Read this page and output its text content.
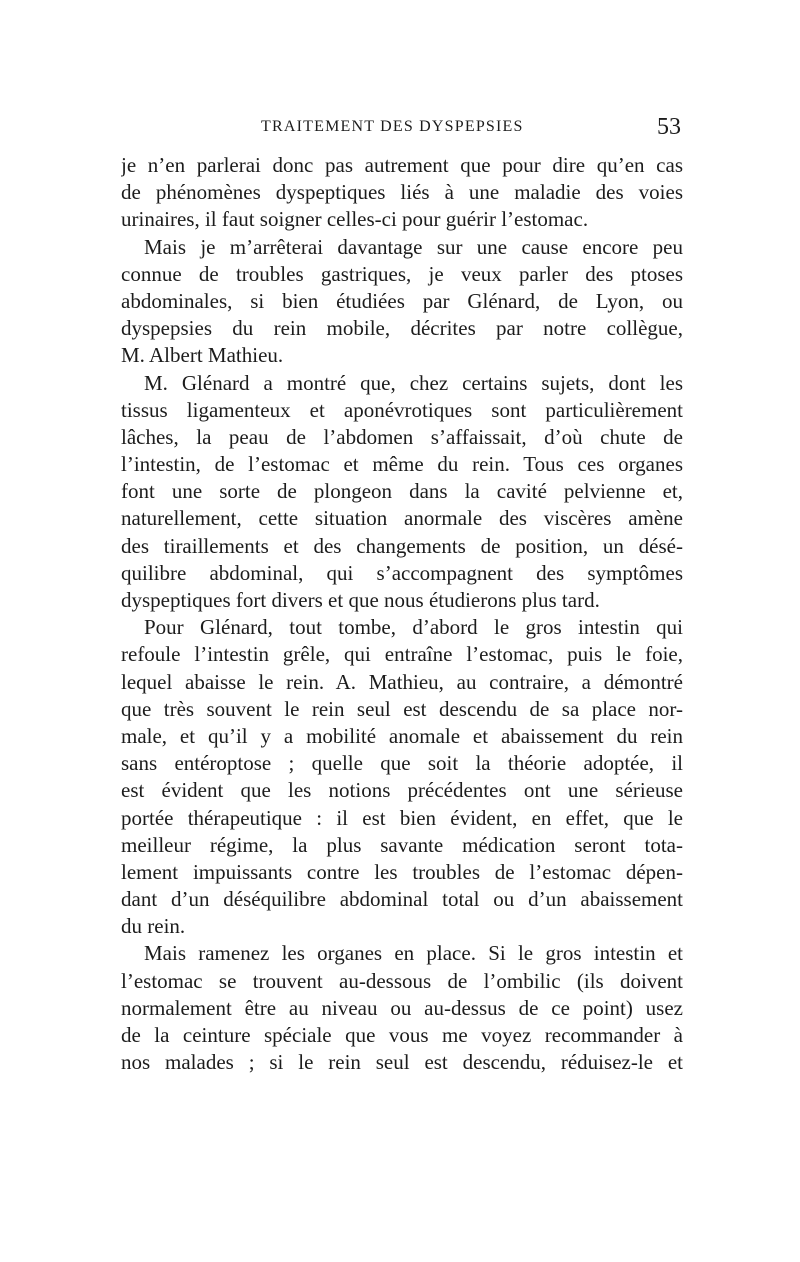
TRAITEMENT DES DYSPEPSIES	53
je n’en parlerai donc pas autrement que pour dire qu’en cas
de phénomènes dyspeptiques liés à une maladie des voies
urinaires, il faut soigner celles-ci pour guérir l’estomac.
Mais je m’arrêterai davantage sur une cause encore peu
connue de troubles gastriques, je veux parler des ptoses
abdominales, si bien étudiées par Glénard, de Lyon, ou
dyspepsies du rein mobile, décrites par notre collègue,
M. Albert Mathieu.
M. Glénard a montré que, chez certains sujets, dont les
tissus ligamenteux et aponévrotiques sont particulièrement
lâches, la peau de l’abdomen s’affaissait, d’où chute de
l’intestin, de l’estomac et même du rein. Tous ces organes
font une sorte de plongeon dans la cavité pelvienne et,
naturellement, cette situation anormale des viscères amène
des tiraillements et des changements de position, un désé-
quilibre abdominal, qui s’accompagnent des symptômes
dyspeptiques fort divers et que nous étudierons plus tard.
Pour Glénard, tout tombe, d’abord le gros intestin qui
refoule l’intestin grêle, qui entraîne l’estomac, puis le foie,
lequel abaisse le rein. A. Mathieu, au contraire, a démontré
que très souvent le rein seul est descendu de sa place nor-
male, et qu’il y a mobilité anomale et abaissement du rein
sans entéroptose ; quelle que soit la théorie adoptée, il
est évident que les notions précédentes ont une sérieuse
portée thérapeutique : il est bien évident, en effet, que le
meilleur régime, la plus savante médication seront tota-
lement impuissants contre les troubles de l’estomac dépen-
dant d’un déséquilibre abdominal total ou d’un abaissement
du rein.
Mais ramenez les organes en place. Si le gros intestin et
l’estomac se trouvent au-dessous de l’ombilic (ils doivent
normalement être au niveau ou au-dessus de ce point) usez
de la ceinture spéciale que vous me voyez recommander à
nos malades ; si le rein seul est descendu, réduisez-le et
